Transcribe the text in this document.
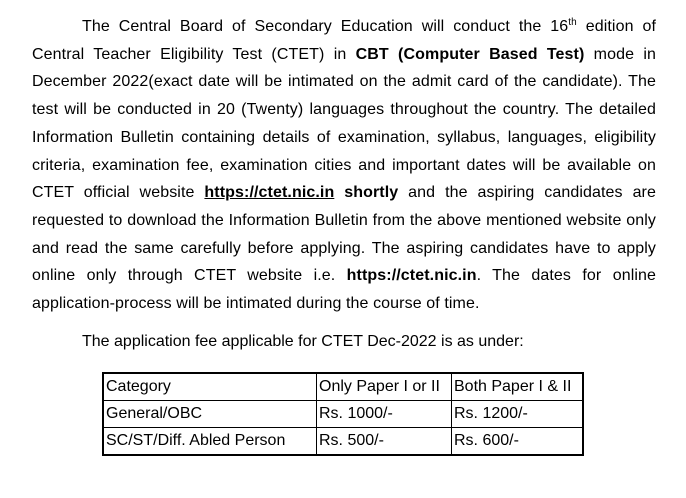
The Central Board of Secondary Education will conduct the 16th edition of Central Teacher Eligibility Test (CTET) in CBT (Computer Based Test) mode in December 2022(exact date will be intimated on the admit card of the candidate). The test will be conducted in 20 (Twenty) languages throughout the country. The detailed Information Bulletin containing details of examination, syllabus, languages, eligibility criteria, examination fee, examination cities and important dates will be available on CTET official website https://ctet.nic.in shortly and the aspiring candidates are requested to download the Information Bulletin from the above mentioned website only and read the same carefully before applying. The aspiring candidates have to apply online only through CTET website i.e. https://ctet.nic.in. The dates for online application-process will be intimated during the course of time.

The application fee applicable for CTET Dec-2022 is as under:

Category	Only Paper I or II	Both Paper I & II
General/OBC	Rs. 1000/-	Rs. 1200/-
SC/ST/Diff. Abled Person	Rs. 500/-	Rs. 600/-
